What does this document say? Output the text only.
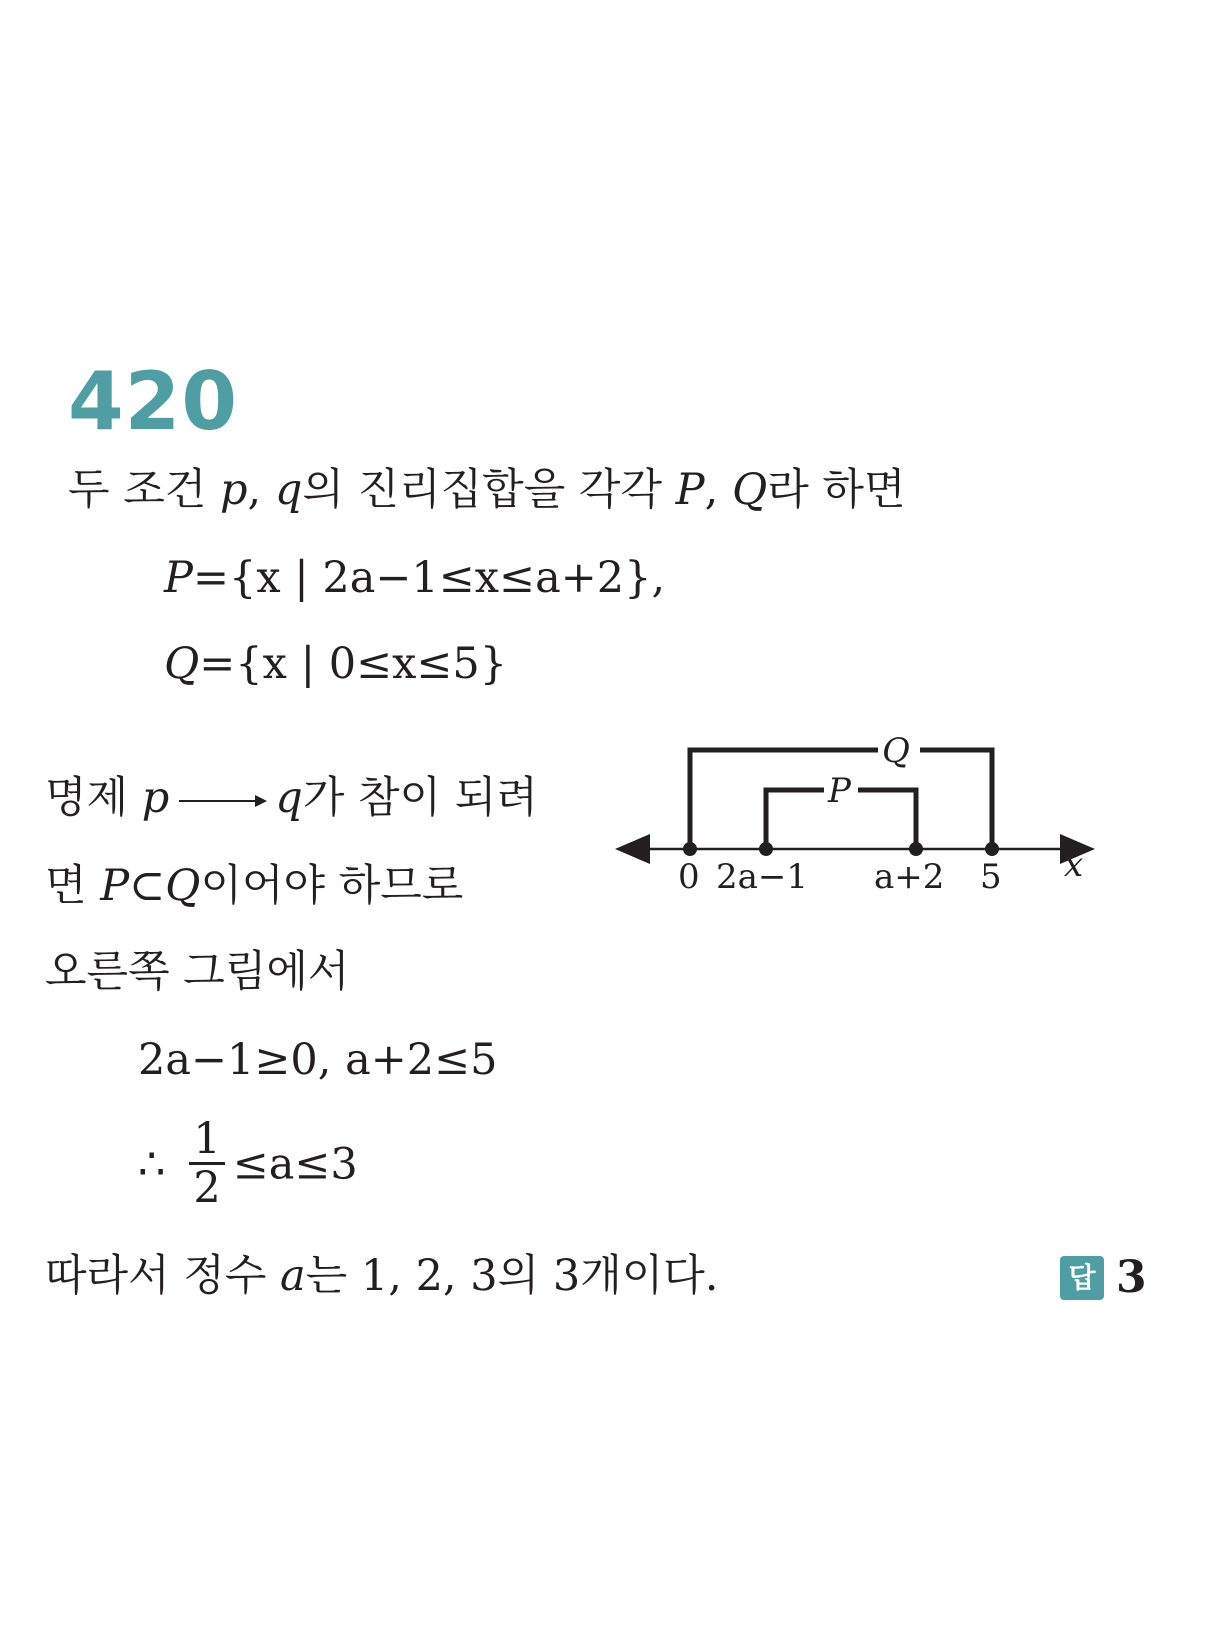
420
두 조건 p, q의 진리집합을 각각 P, Q라 하면
P={x | 2a−1≤x≤a+2},
Q={x | 0≤x≤5}
명제 p q가 참이 되려
면 P⊂Q이어야 하므로
오른쪽 그림에서
2a−1≥0, a+2≤5
∴ $\frac{1}{2} \le a\le 3$
따라서 정수 a는 1, 2, 3의 3개이다.	답 3
Q
P
0 2a−1 a+2 5 x
